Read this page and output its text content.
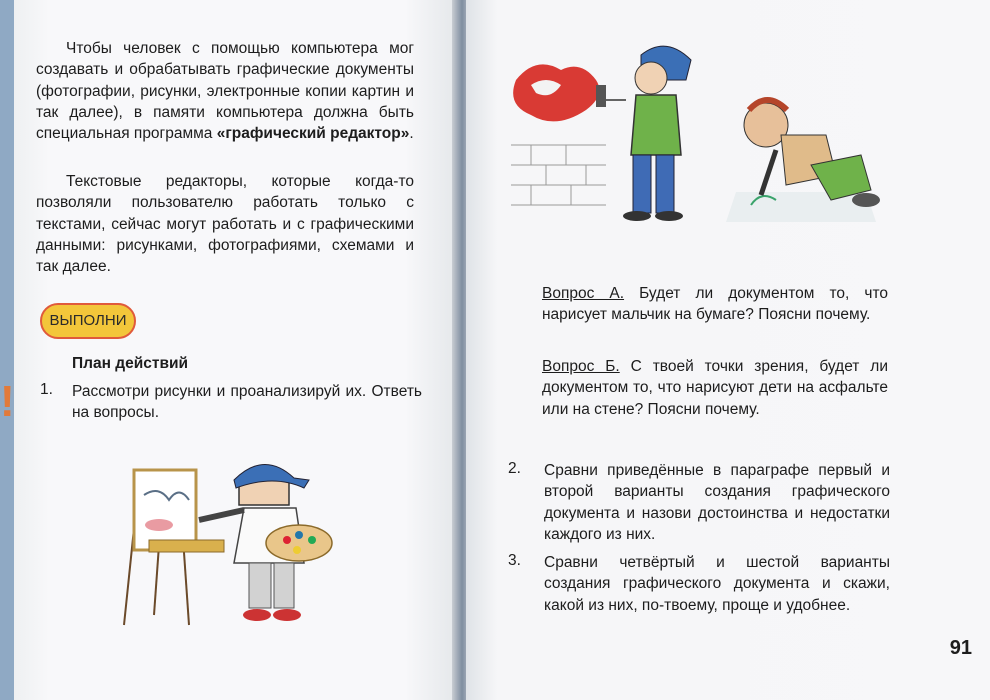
Чтобы человек с помощью компьютера мог создавать и обрабатывать графические документы (фотографии, рисунки, электронные копии картин и так далее), в памяти компьютера должна быть специальная программа «графический редактор».
Текстовые редакторы, которые когда-то позволяли пользователю работать только с текстами, сейчас могут работать и с графическими данными: рисунками, фотографиями, схемами и так далее.
ВЫПОЛНИ
План действий
1. Рассмотри рисунки и проанализируй их. Ответь на вопросы.
!
Вопрос А. Будет ли документом то, что нарисует мальчик на бумаге? Поясни почему.
Вопрос Б. С твоей точки зрения, будет ли документом то, что нарисуют дети на асфальте или на стене? Поясни почему.
2. Сравни приведённые в параграфе первый и второй варианты создания графического документа и назови достоинства и недостатки каждого из них.
3. Сравни четвёртый и шестой варианты создания графического документа и скажи, какой из них, по-твоему, проще и удобнее.
91
